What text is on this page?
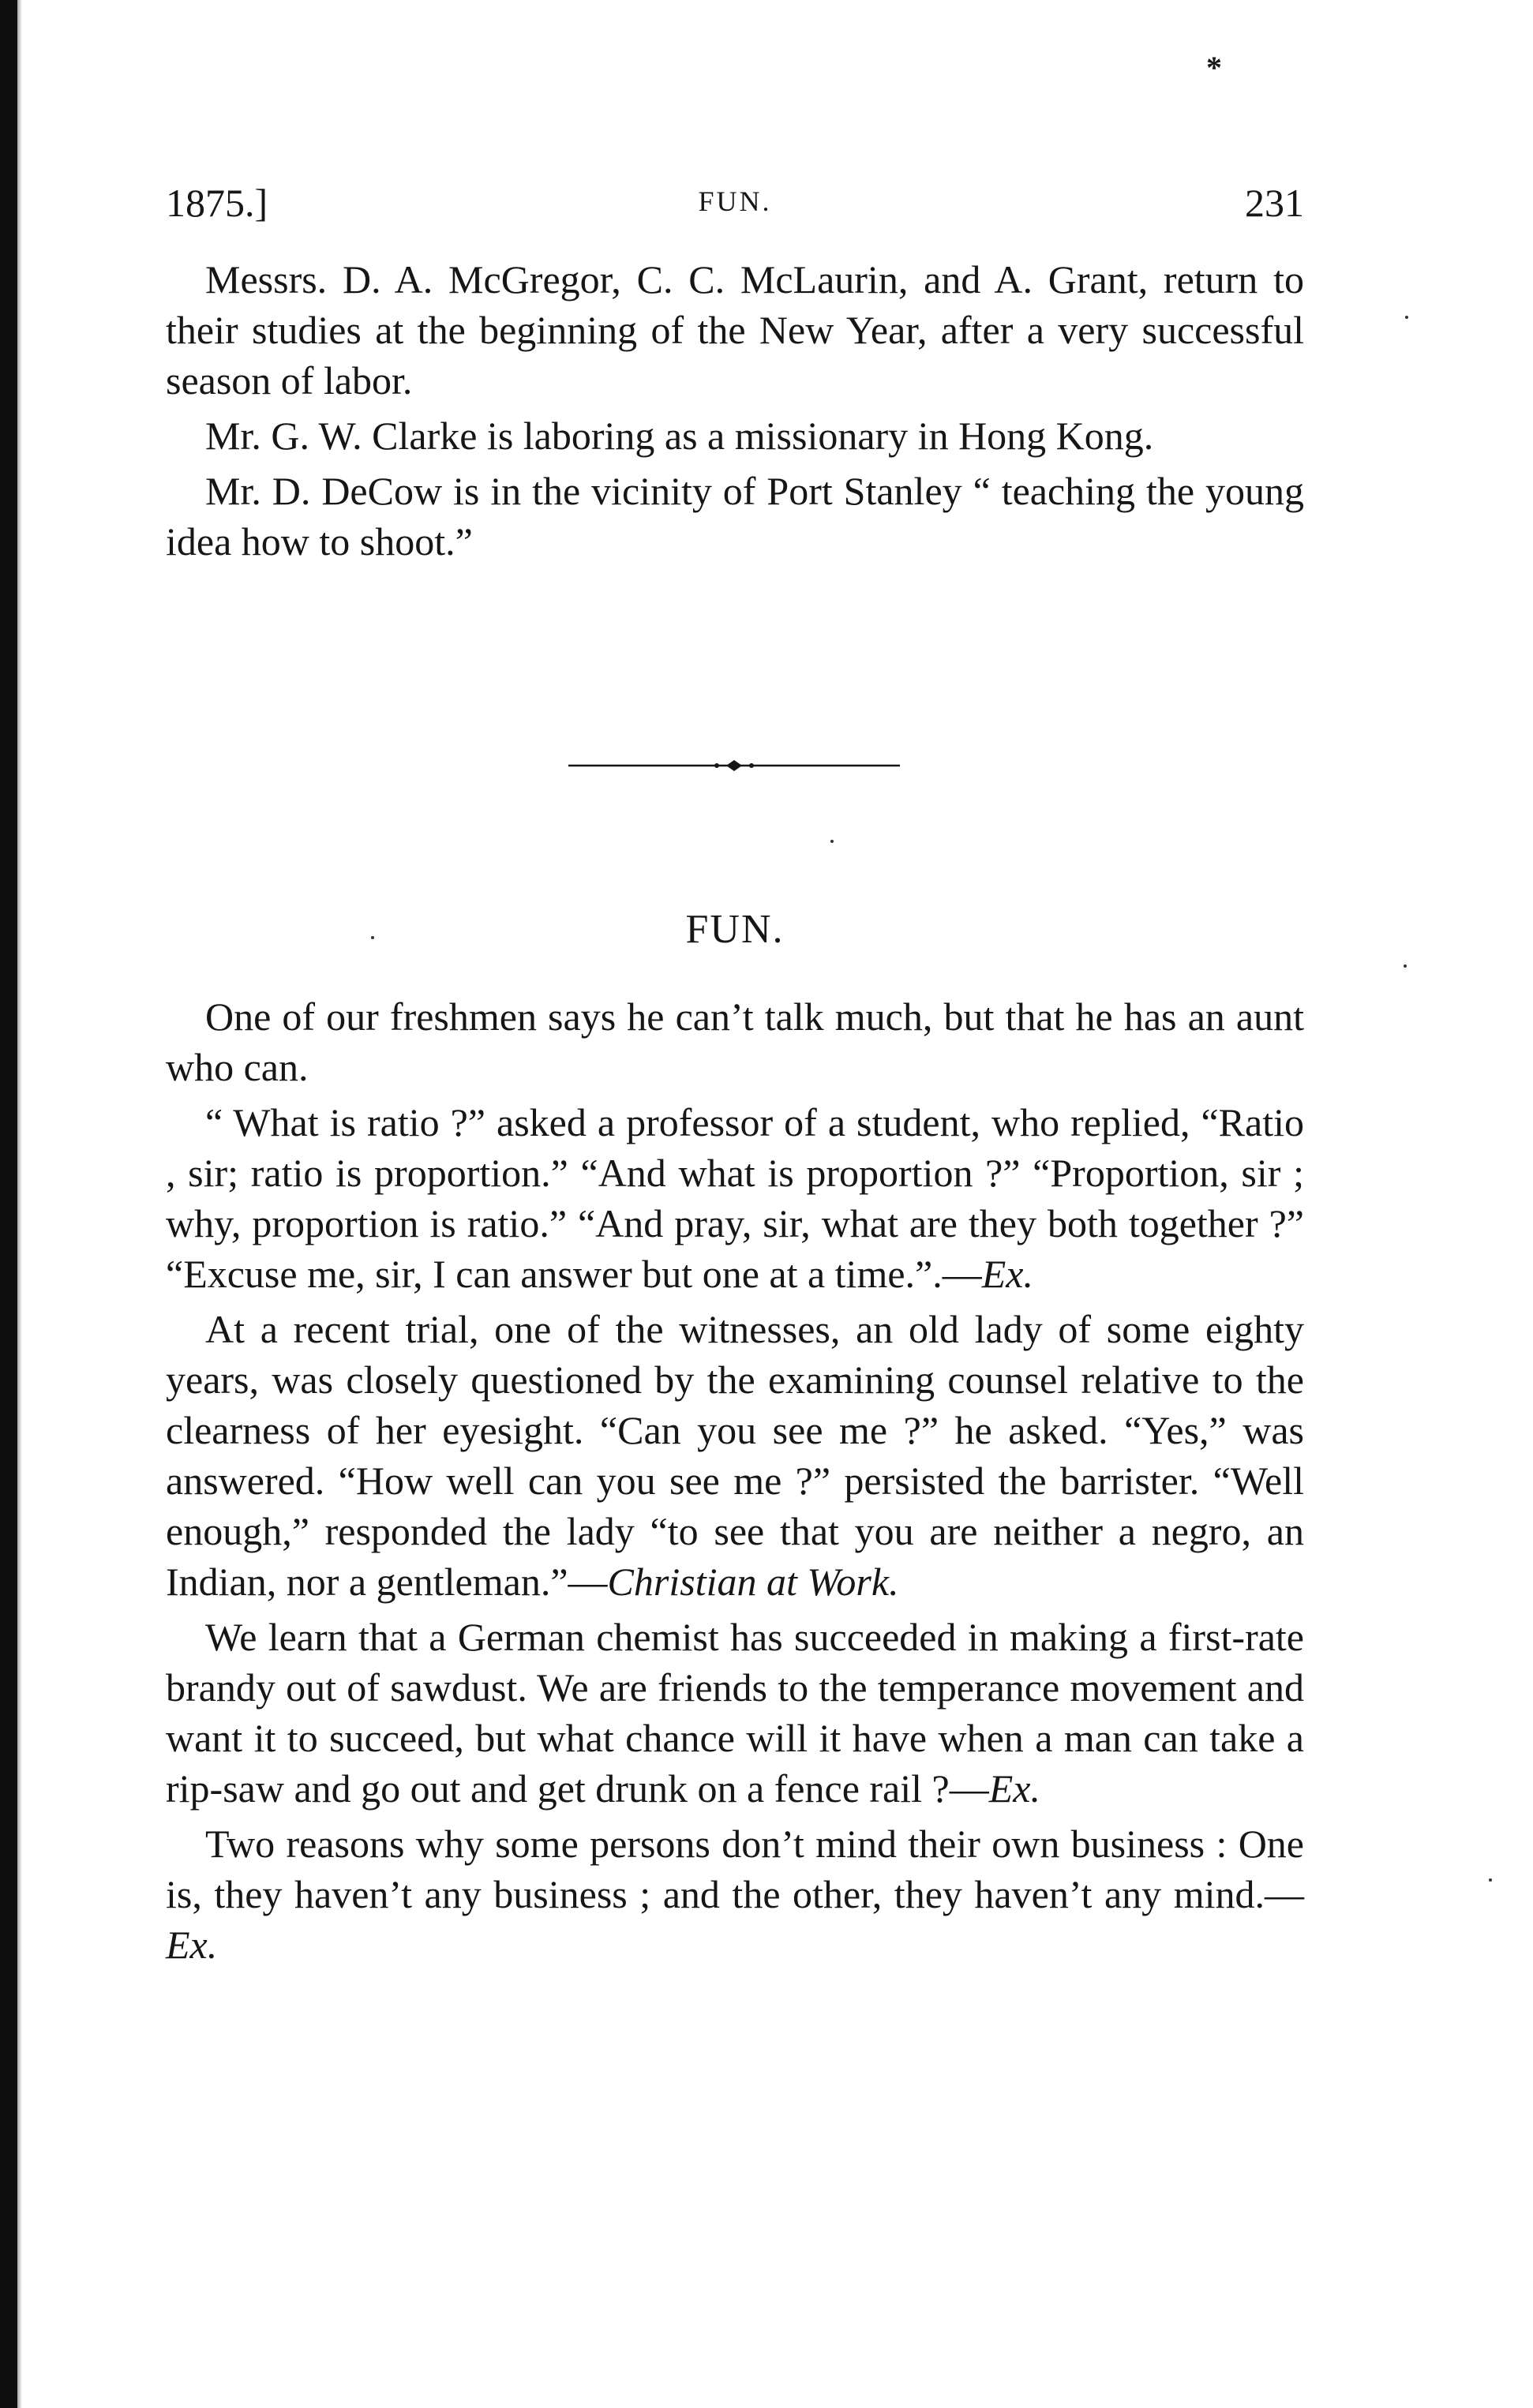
*
1875.]	FUN.	231

Messrs. D. A. McGregor, C. C. McLaurin, and A. Grant, return to their studies at the beginning of the New Year, after a very successful season of labor.

Mr. G. W. Clarke is laboring as a missionary in Hong Kong.

Mr. D. DeCow is in the vicinity of Port Stanley “ teaching the young idea how to shoot.”

FUN.

One of our freshmen says he can’t talk much, but that he has an aunt who can.

“ What is ratio ?” asked a professor of a student, who replied, “Ratio , sir; ratio is proportion.” “And what is proportion ?” “Proportion, sir ; why, proportion is ratio.” “And pray, sir, what are they both together ?” “Excuse me, sir, I can answer but one at a time.”.—Ex.

At a recent trial, one of the witnesses, an old lady of some eighty years, was closely questioned by the examining counsel relative to the clearness of her eyesight. “Can you see me ?” he asked. “Yes,” was answered. “How well can you see me ?” persisted the barrister. “Well enough,” responded the lady “to see that you are neither a negro, an Indian, nor a gentleman.”—Christian at Work.

We learn that a German chemist has succeeded in making a first-rate brandy out of sawdust. We are friends to the temperance movement and want it to succeed, but what chance will it have when a man can take a rip-saw and go out and get drunk on a fence rail ?—Ex.

Two reasons why some persons don’t mind their own business : One is, they haven’t any business ; and the other, they haven’t any mind.—Ex.
